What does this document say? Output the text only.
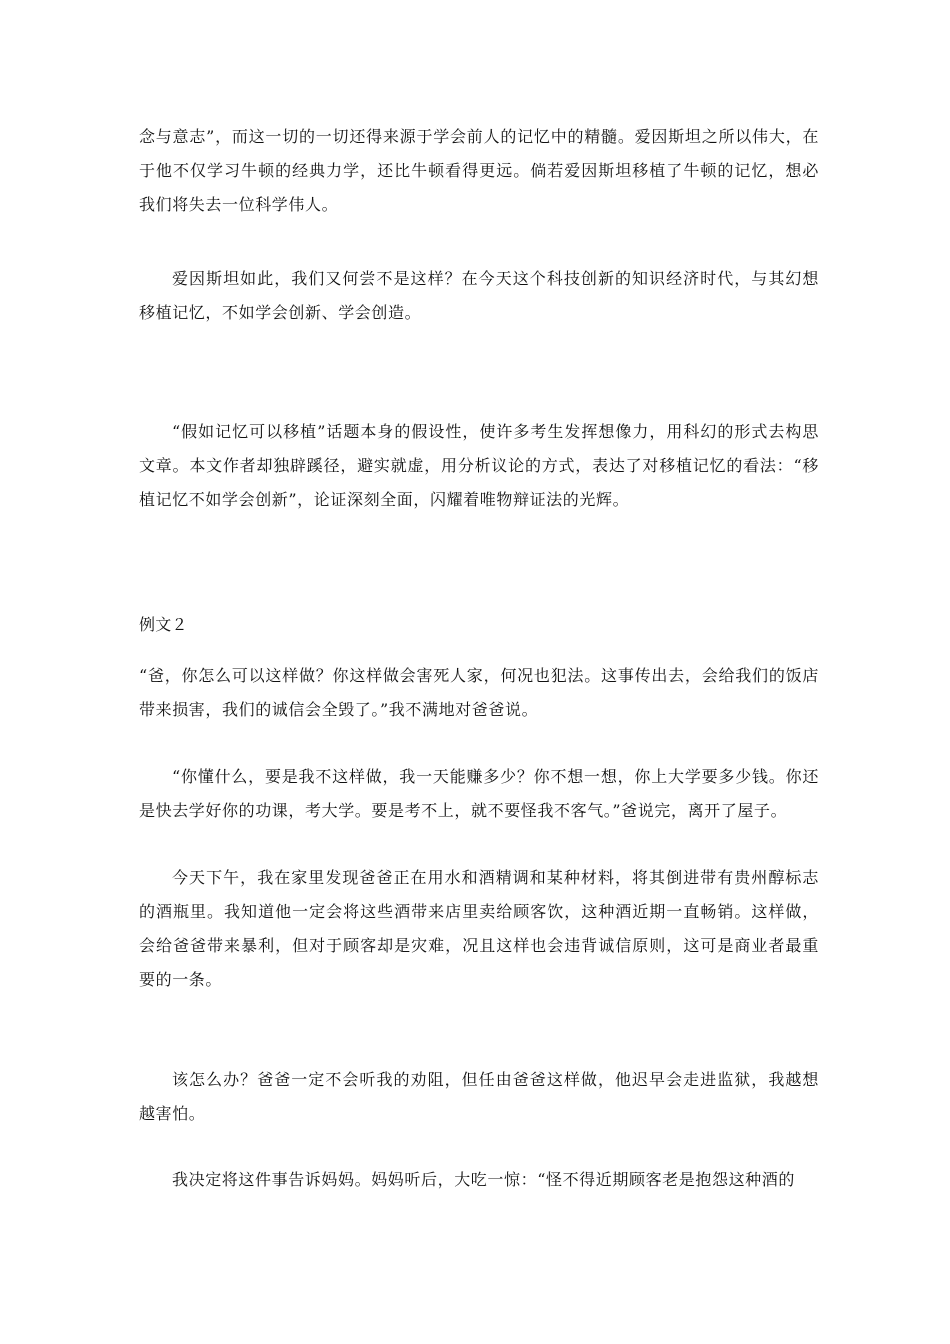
念与意志”，而这一切的一切还得来源于学会前人的记忆中的精髓。爱因斯坦之所以伟大，在于他不仅学习牛顿的经典力学，还比牛顿看得更远。倘若爱因斯坦移植了牛顿的记忆，想必我们将失去一位科学伟人。

爱因斯坦如此，我们又何尝不是这样？在今天这个科技创新的知识经济时代，与其幻想移植记忆，不如学会创新、学会创造。

“假如记忆可以移植”话题本身的假设性，使许多考生发挥想像力，用科幻的形式去构思文章。本文作者却独辟蹊径，避实就虚，用分析议论的方式，表达了对移植记忆的看法：“移植记忆不如学会创新”，论证深刻全面，闪耀着唯物辩证法的光辉。

例文２

“爸，你怎么可以这样做？你这样做会害死人家，何况也犯法。这事传出去，会给我们的饭店带来损害，我们的诚信会全毁了。”我不满地对爸爸说。

“你懂什么，要是我不这样做，我一天能赚多少？你不想一想，你上大学要多少钱。你还是快去学好你的功课，考大学。要是考不上，就不要怪我不客气。”爸说完，离开了屋子。

今天下午，我在家里发现爸爸正在用水和酒精调和某种材料，将其倒进带有贵州醇标志的酒瓶里。我知道他一定会将这些酒带来店里卖给顾客饮，这种酒近期一直畅销。这样做，会给爸爸带来暴利，但对于顾客却是灾难，况且这样也会违背诚信原则，这可是商业者最重要的一条。

该怎么办？爸爸一定不会听我的劝阻，但任由爸爸这样做，他迟早会走进监狱，我越想越害怕。

我决定将这件事告诉妈妈。妈妈听后，大吃一惊：“怪不得近期顾客老是抱怨这种酒的
